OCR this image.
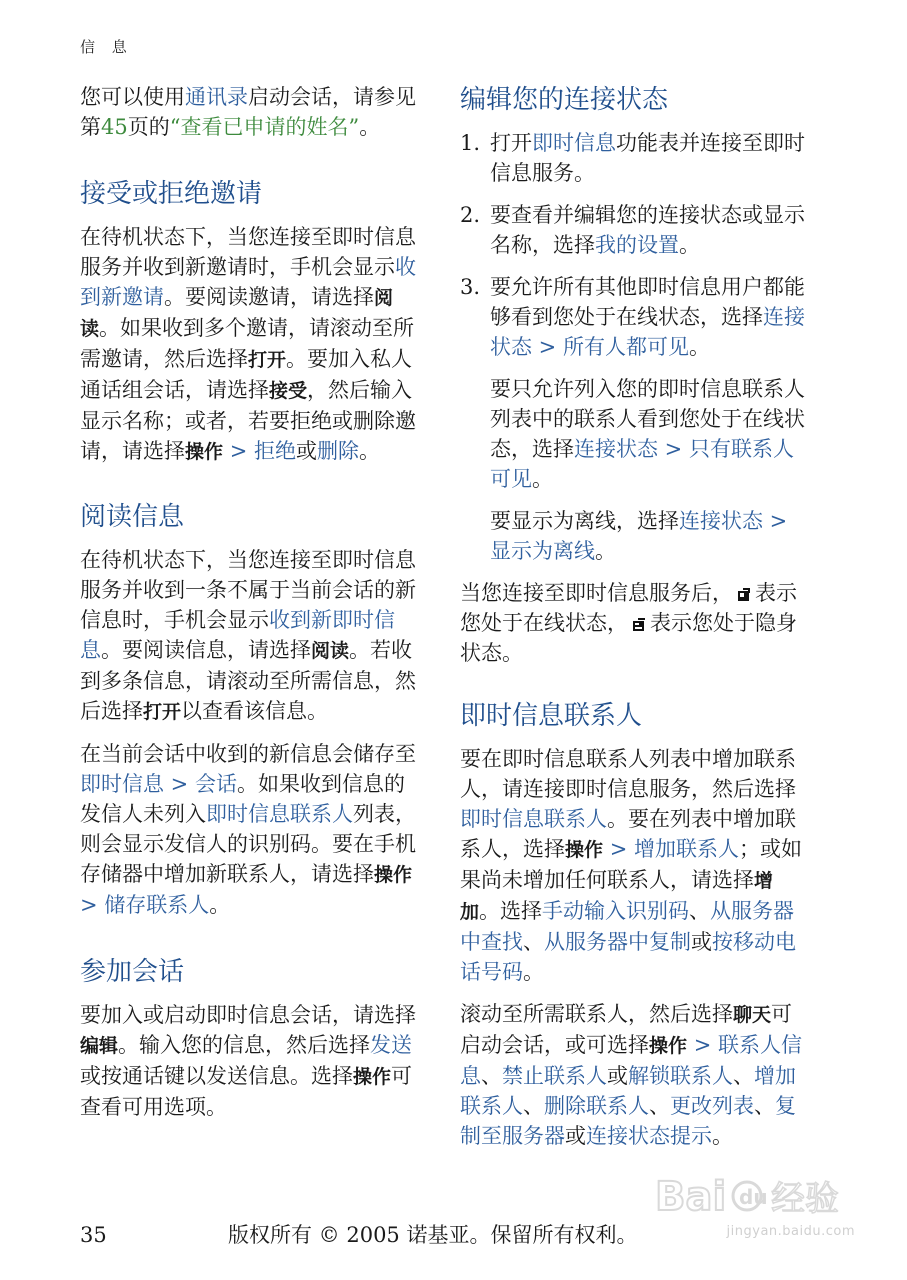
信 息

您可以使用通讯录启动会话，请参见第45页的“查看已申请的姓名”。

接受或拒绝邀请

在待机状态下，当您连接至即时信息服务并收到新邀请时，手机会显示收到新邀请。要阅读邀请，请选择阅读。如果收到多个邀请，请滚动至所需邀请，然后选择打开。要加入私人通话组会话，请选择接受，然后输入显示名称；或者，若要拒绝或删除邀请，请选择操作 > 拒绝或删除。

阅读信息

在待机状态下，当您连接至即时信息服务并收到一条不属于当前会话的新信息时，手机会显示收到新即时信息。要阅读信息，请选择阅读。若收到多条信息，请滚动至所需信息，然后选择打开以查看该信息。

在当前会话中收到的新信息会储存至即时信息 > 会话。如果收到信息的发信人未列入即时信息联系人列表，则会显示发信人的识别码。要在手机存储器中增加新联系人，请选择操作 > 储存联系人。

参加会话

要加入或启动即时信息会话，请选择编辑。输入您的信息，然后选择发送或按通话键以发送信息。选择操作可查看可用选项。

编辑您的连接状态
1. 打开即时信息功能表并连接至即时信息服务。
2. 要查看并编辑您的连接状态或显示名称，选择我的设置。
3. 要允许所有其他即时信息用户都能够看到您处于在线状态，选择连接状态 > 所有人都可见。

要只允许列入您的即时信息联系人列表中的联系人看到您处于在线状态，选择连接状态 > 只有联系人可见。

要显示为离线，选择连接状态 > 显示为离线。

当您连接至即时信息服务后， 表示您处于在线状态， 表示您处于隐身状态。

即时信息联系人

要在即时信息联系人列表中增加联系人，请连接即时信息服务，然后选择即时信息联系人。要在列表中增加联系人，选择操作 > 增加联系人；或如果尚未增加任何联系人，请选择增加。选择手动输入识别码、从服务器中查找、从服务器中复制或按移动电话号码。

滚动至所需联系人，然后选择聊天可启动会话，或可选择操作 > 联系人信息、禁止联系人或解锁联系人、增加联系人、删除联系人、更改列表、复制至服务器或连接状态提示。

35	版权所有 © 2005 诺基亚。保留所有权利。
Bai du 经验
jingyan.baidu.com
